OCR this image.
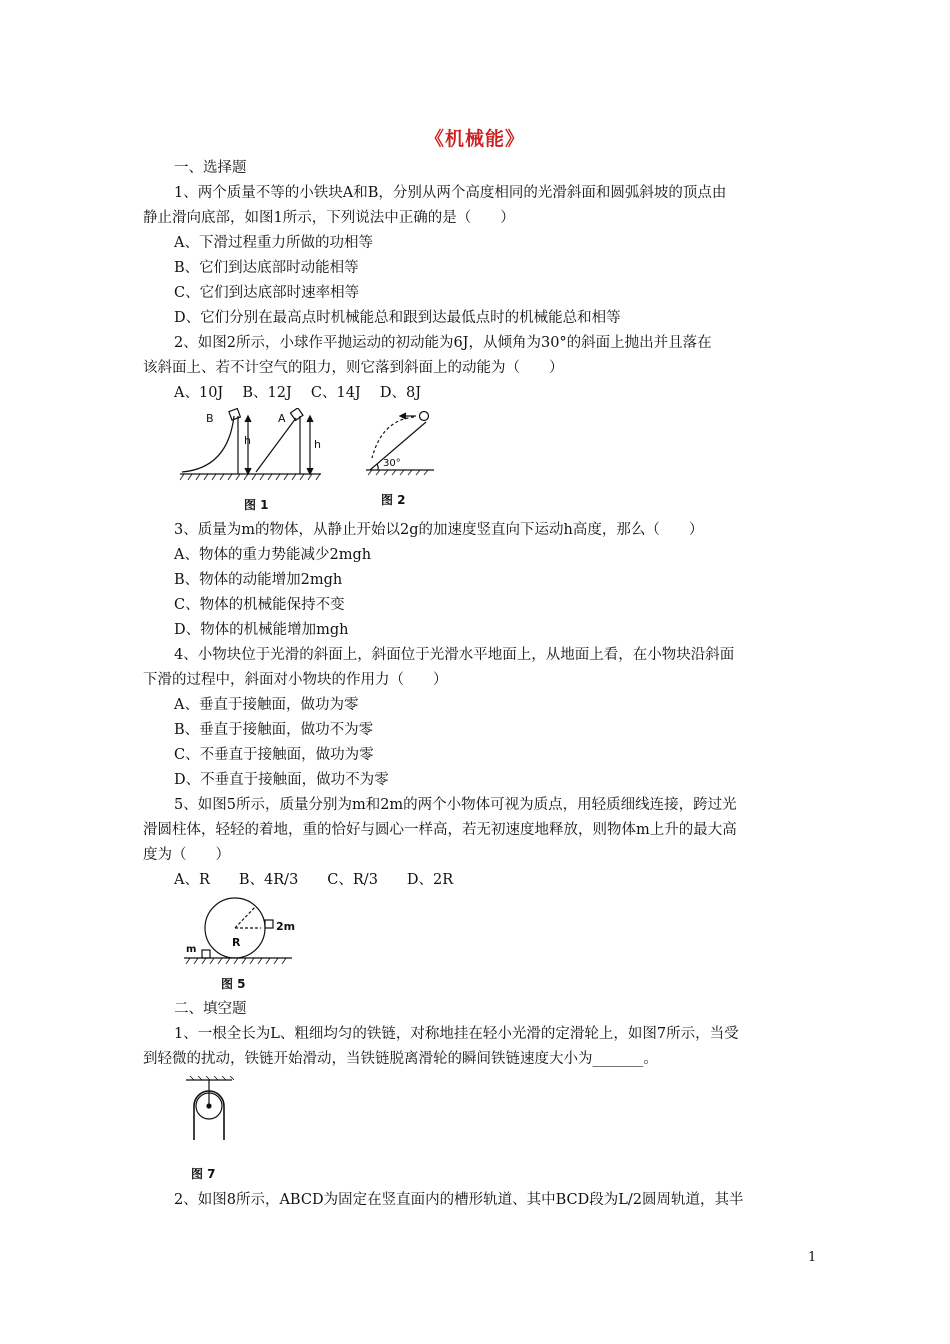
《机械能》
一、选择题
1、两个质量不等的小铁块A和B，分别从两个高度相同的光滑斜面和圆弧斜坡的顶点由
静止滑向底部，如图1所示，下列说法中正确的是（　　）
A、下滑过程重力所做的功相等
B、它们到达底部时动能相等
C、它们到达底部时速率相等
D、它们分别在最高点时机械能总和跟到达最低点时的机械能总和相等
2、如图2所示，小球作平抛运动的初动能为6J，从倾角为30°的斜面上抛出并且落在
该斜面上、若不计空气的阻力，则它落到斜面上的动能为（　　）
A、10J　 B、12J　 C、14J　 D、8J
B	A
h	h
图 1
30°
图 2
3、质量为m的物体，从静止开始以2g的加速度竖直向下运动h高度，那么（　　）
A、物体的重力势能减少2mgh
B、物体的动能增加2mgh
C、物体的机械能保持不变
D、物体的机械能增加mgh
4、小物块位于光滑的斜面上，斜面位于光滑水平地面上，从地面上看，在小物块沿斜面
下滑的过程中，斜面对小物块的作用力（　　）
A、垂直于接触面，做功为零
B、垂直于接触面，做功不为零
C、不垂直于接触面，做功为零
D、不垂直于接触面，做功不为零
5、如图5所示，质量分别为m和2m的两个小物体可视为质点，用轻质细线连接，跨过光
滑圆柱体，轻轻的着地，重的恰好与圆心一样高，若无初速度地释放，则物体m上升的最大高
度为（　　）
A、R　　B、4R/3　　C、R/3　　D、2R
2m
m
R
图 5
二、填空题
1、一根全长为L、粗细均匀的铁链，对称地挂在轻小光滑的定滑轮上，如图7所示，当受
到轻微的扰动，铁链开始滑动，当铁链脱离滑轮的瞬间铁链速度大小为_______。
图 7
2、如图8所示，ABCD为固定在竖直面内的槽形轨道、其中BCD段为L/2圆周轨道，其半
1
